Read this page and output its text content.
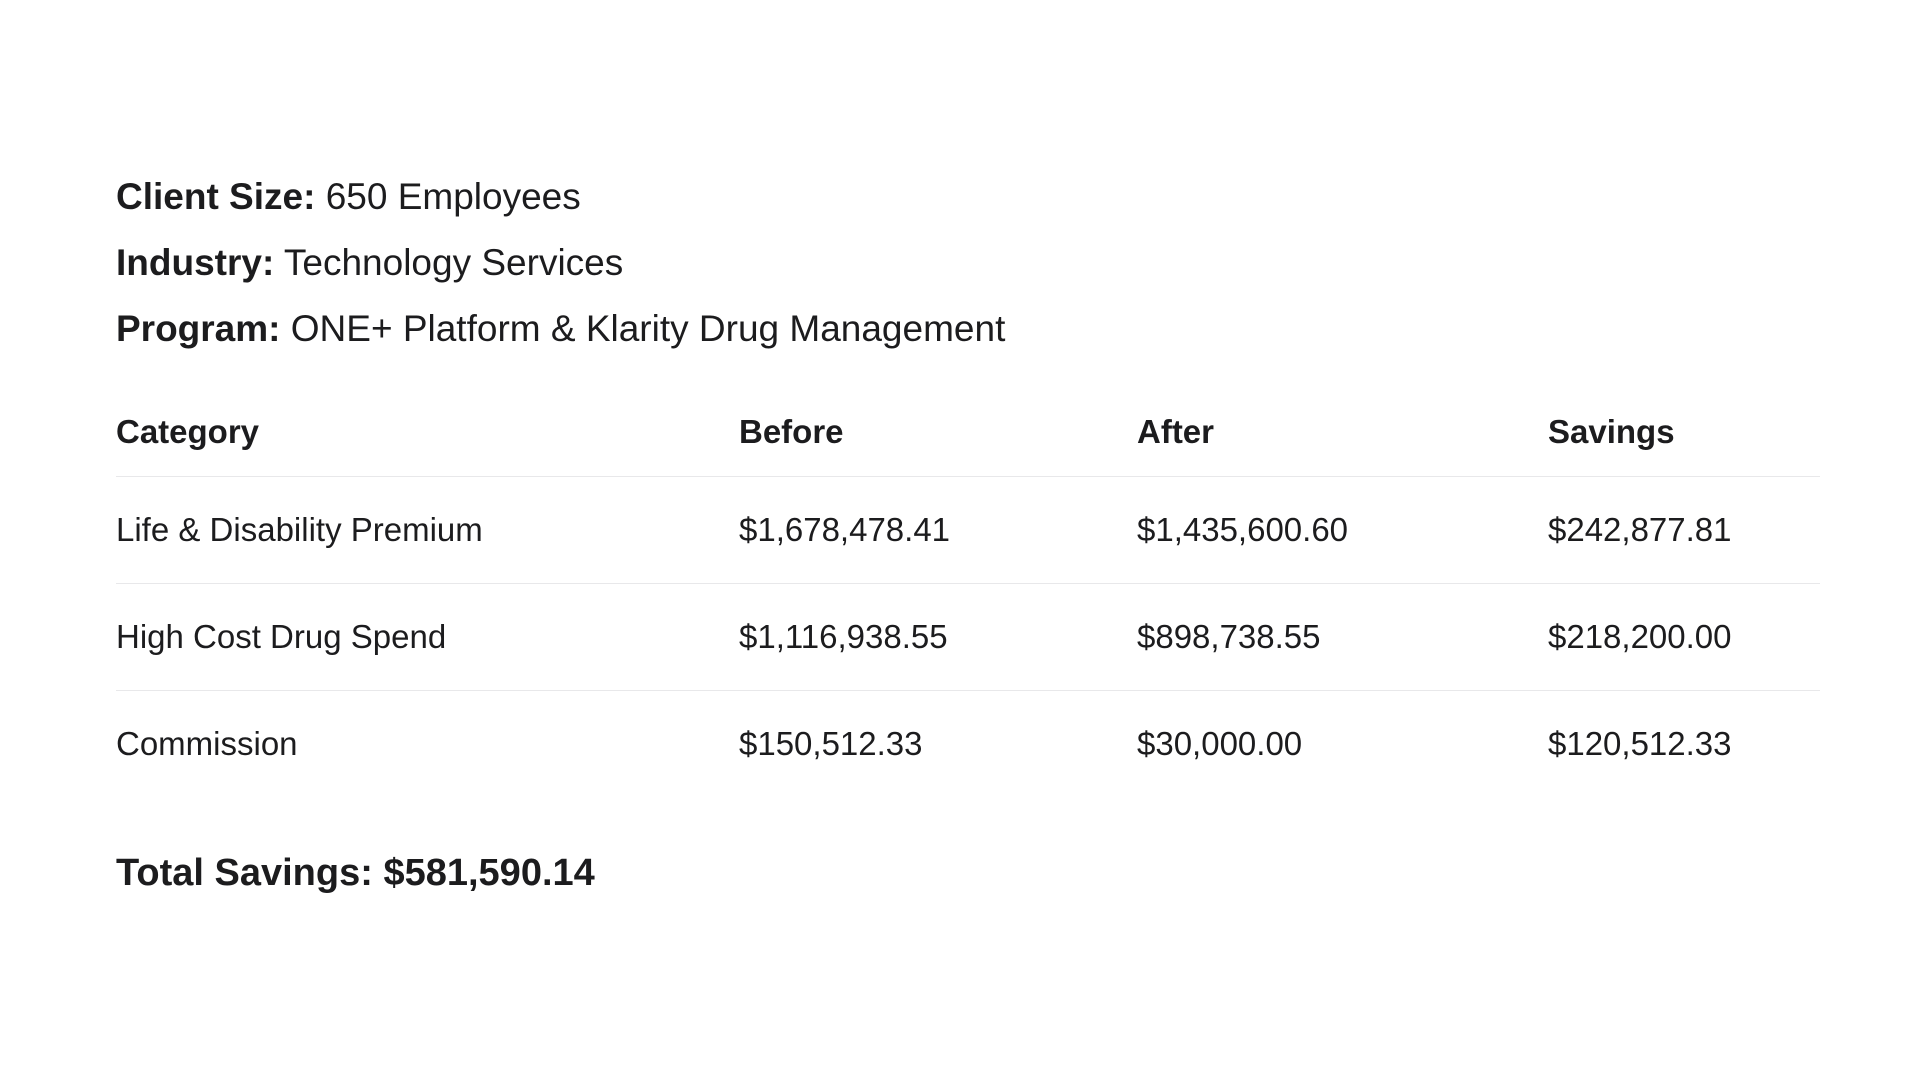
Client Size: 650 Employees
Industry: Technology Services
Program: ONE+ Platform & Klarity Drug Management
Category	Before	After	Savings
Life & Disability Premium	$1,678,478.41	$1,435,600.60	$242,877.81
High Cost Drug Spend	$1,116,938.55	$898,738.55	$218,200.00
Commission	$150,512.33	$30,000.00	$120,512.33
Total Savings: $581,590.14
